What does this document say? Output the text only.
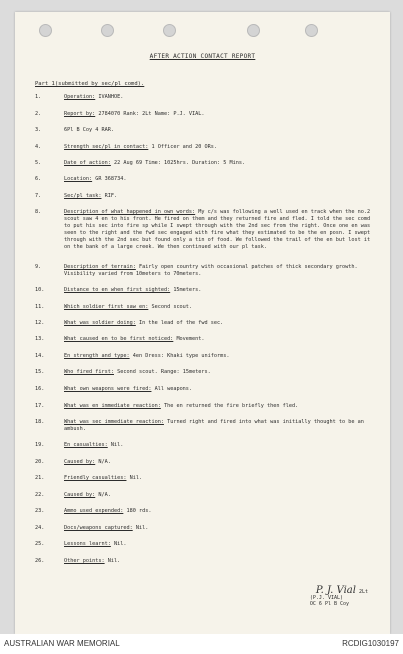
AFTER ACTION CONTACT REPORT
Part 1(submitted by sec/pl comd).
1.	Operation: IVANHOE.
2.	Report by: 2784070 Rank: 2Lt Name: P.J. VIAL.
3.	6Pl B Coy 4 RAR.
4.	Strength sec/pl in contact: 1 Officer and 20 ORs.
5.	Date of action: 22 Aug 69 Time: 1025hrs. Duration: 5 Mins.
6.	Location: GR 368734.
7.	Sec/pl task: RIF.
8.	Description of what happened in own words: My c/s was following a well used en track when the no.2 scout saw 4 en to his front. He fired on them and they returned fire and fled. I told the sec comd to put his sec into fire sp while I swept through with the 2nd sec from the right. Once one en was seen to the right and the fwd sec engaged with fire what they estimated to be the en posn. I swept through with the 2nd sec but found only a tin of food. We followed the trail of the en but lost it on the bank of a large creek. We then continued with our pl task.
9.	Description of terrain: Fairly open country with occasional patches of thick secondary growth. Visibility varied from 10meters to 70meters.
10.	Distance to en when first sighted: 15meters.
11.	Which soldier first saw en: Second scout.
12.	What was soldier doing: In the lead of the fwd sec.
13.	What caused en to be first noticed: Movement.
14.	En strength and type: 4en Dress: Khaki type uniforms.
15.	Who fired first: Second scout. Range: 15meters.
16.	What own weapons were fired: All weapons.
17.	What was en immediate reaction: The en returned the fire briefly then fled.
18.	What was sec immediate reaction: Turned right and fired into what was initially thought to be an ambush.
19.	En casualties: Nil.
20.	Caused by: N/A.
21.	Friendly casualties: Nil.
22.	Caused by: N/A.
23.	Ammo used expended: 180 rds.
24.	Docs/weapons captured: Nil.
25.	Lessons learnt: Nil.
26.	Other points: Nil.
P. J. Vial 2Lt
(P.J. VIAL)
OC 6 Pl B Coy
AUSTRALIAN WAR MEMORIAL	RCDIG1030197
